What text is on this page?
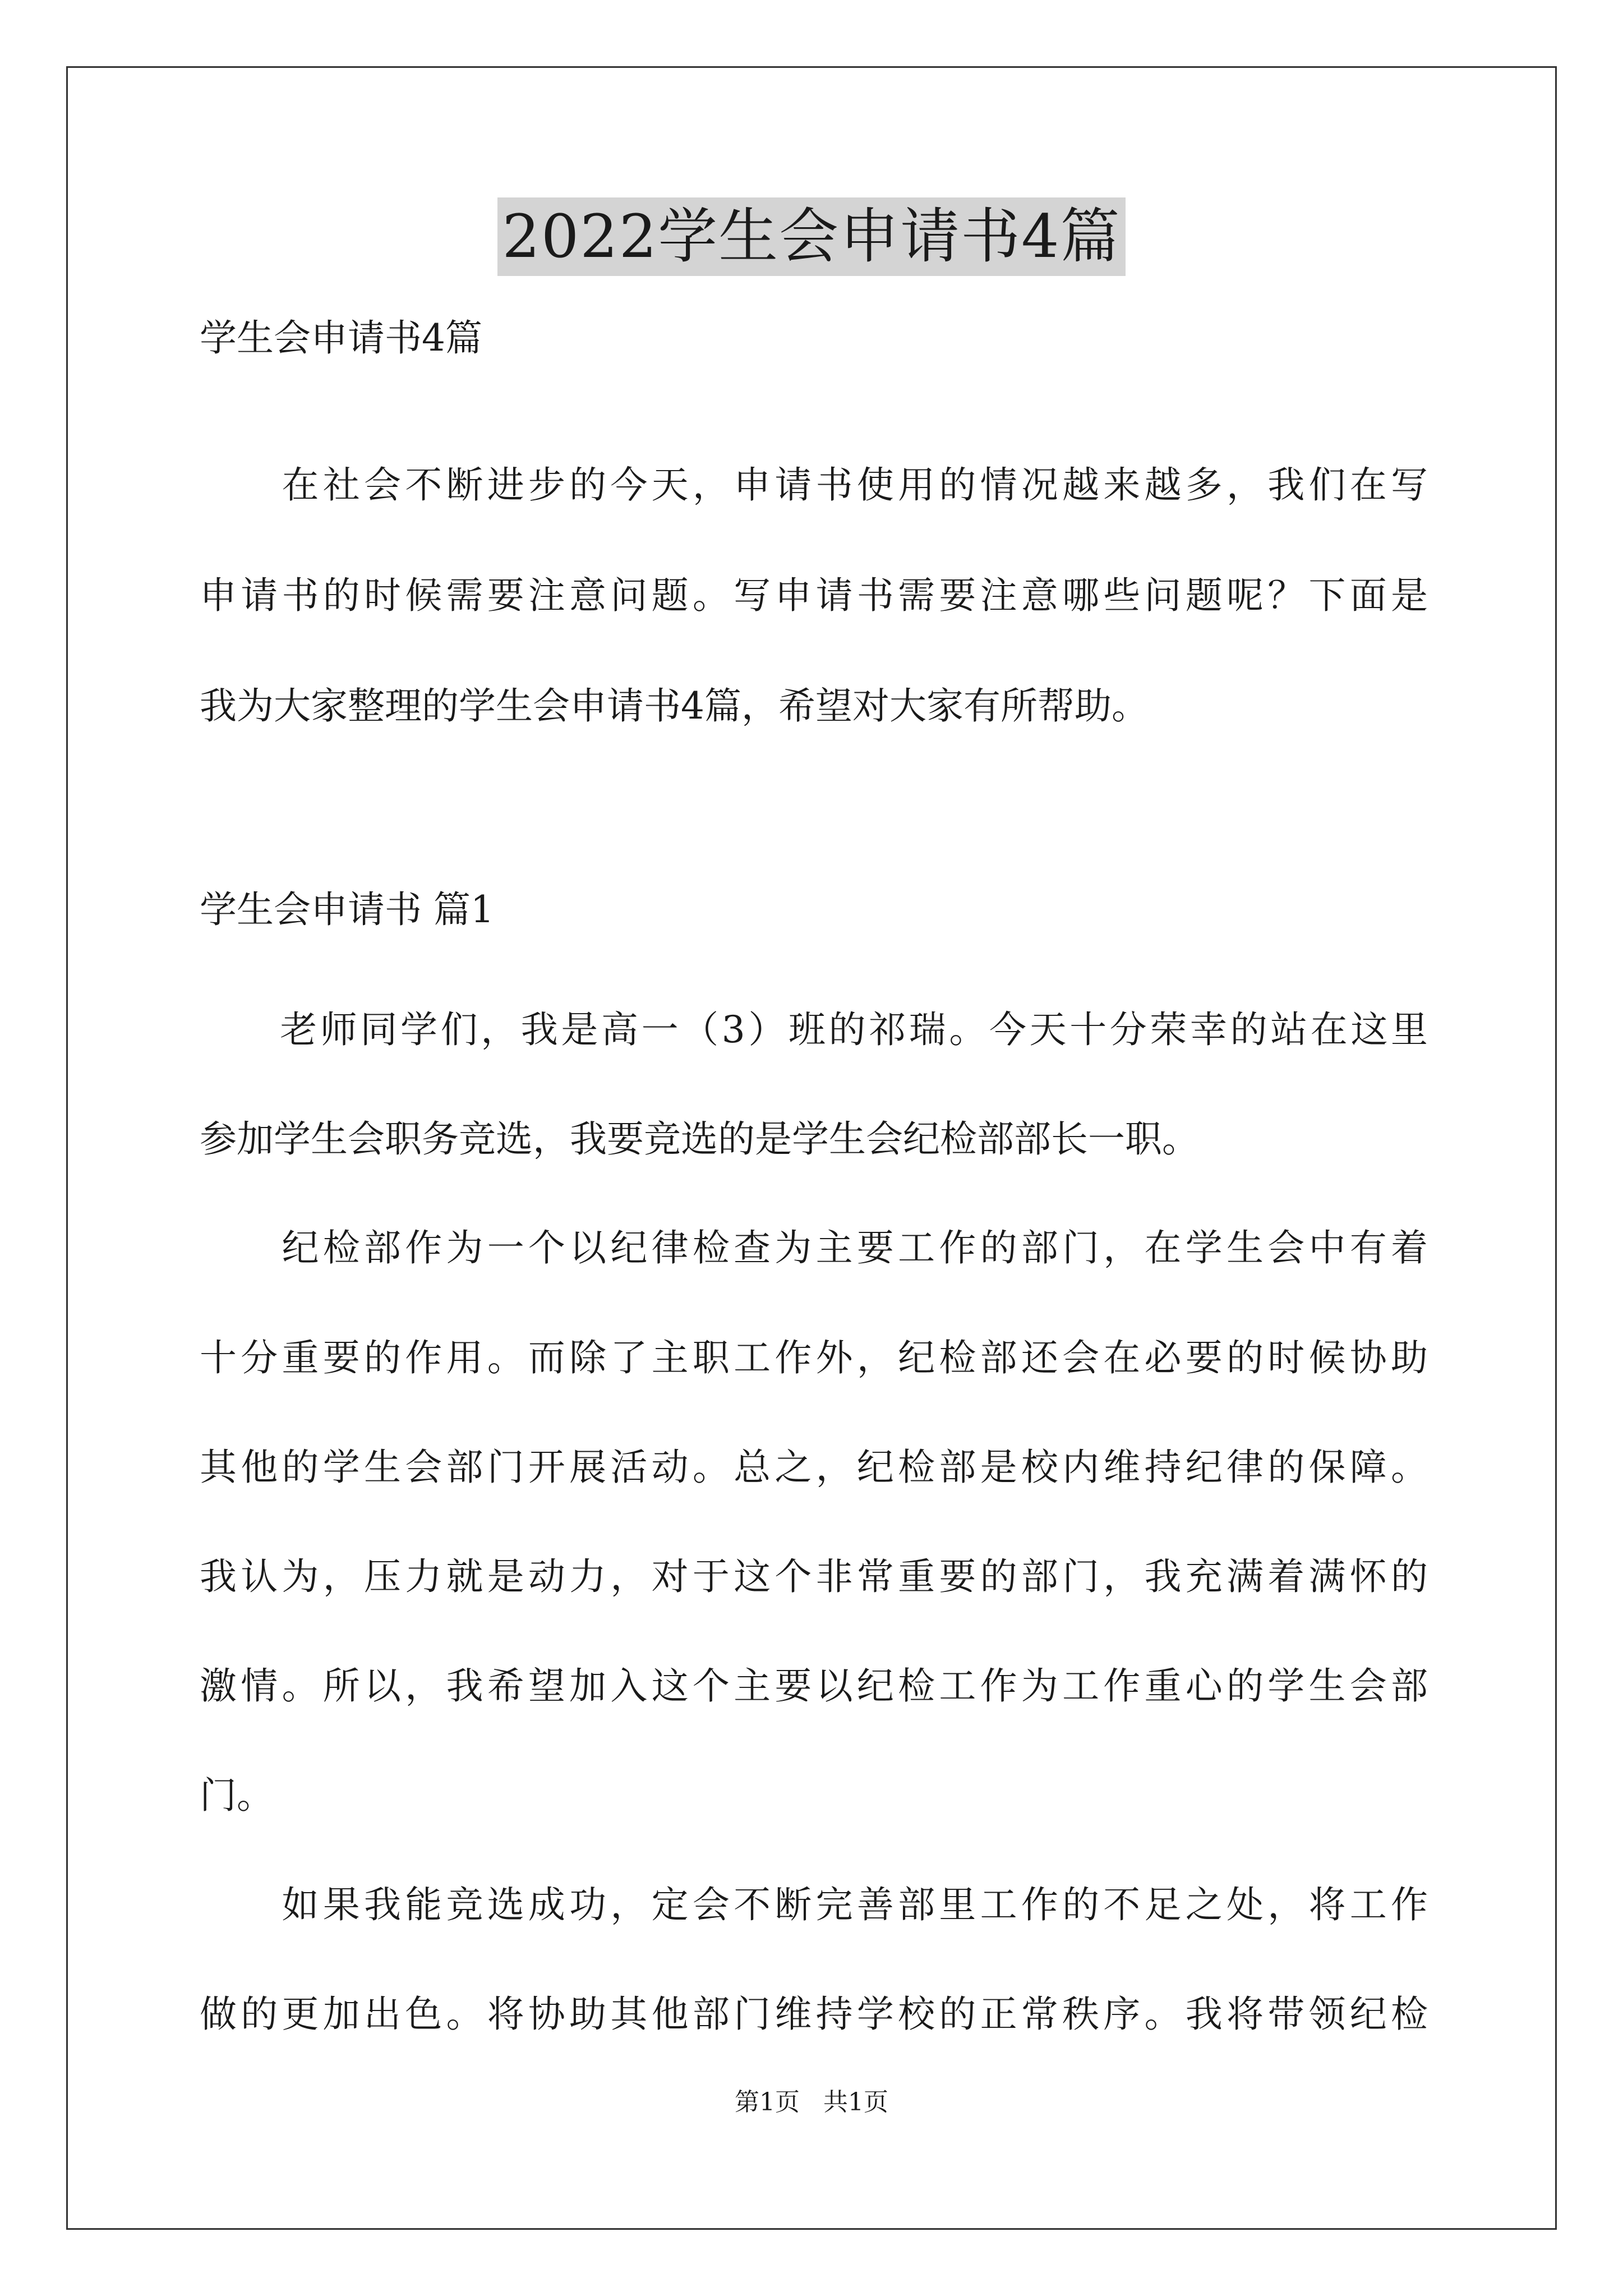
2022学生会申请书4篇
学生会申请书4篇
　　在社会不断进步的今天，申请书使用的情况越来越多，我们在写
申请书的时候需要注意问题。写申请书需要注意哪些问题呢？下面是
我为大家整理的学生会申请书4篇，希望对大家有所帮助。
学生会申请书 篇1
　　老师同学们，我是高一（3）班的祁瑞。今天十分荣幸的站在这里
参加学生会职务竞选，我要竞选的是学生会纪检部部长一职。
　　纪检部作为一个以纪律检查为主要工作的部门，在学生会中有着
十分重要的作用。而除了主职工作外，纪检部还会在必要的时候协助
其他的学生会部门开展活动。总之，纪检部是校内维持纪律的保障。
我认为，压力就是动力，对于这个非常重要的部门，我充满着满怀的
激情。所以，我希望加入这个主要以纪检工作为工作重心的学生会部
门。
　　如果我能竞选成功，定会不断完善部里工作的不足之处，将工作
做的更加出色。将协助其他部门维持学校的正常秩序。我将带领纪检
第1页   共1页
